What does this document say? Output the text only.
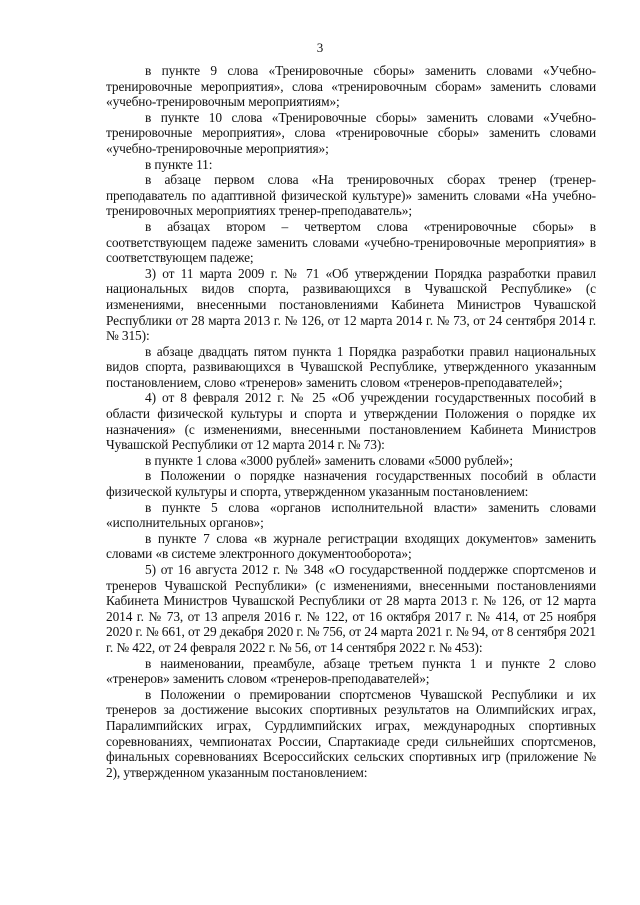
3

в пункте 9 слова «Тренировочные сборы» заменить словами «Учебно-тренировочные мероприятия», слова «тренировочным сборам» заменить словами «учебно-тренировочным мероприятиям»;

в пункте 10 слова «Тренировочные сборы» заменить словами «Учебно-тренировочные мероприятия», слова «тренировочные сборы» заменить словами «учебно-тренировочные мероприятия»;

в пункте 11:

в абзаце первом слова «На тренировочных сборах тренер (тренер-преподаватель по адаптивной физической культуре)» заменить словами «На учебно-тренировочных мероприятиях тренер-преподаватель»;

в абзацах втором – четвертом слова «тренировочные сборы» в соответствующем падеже заменить словами «учебно-тренировочные мероприятия» в соответствующем падеже;

3) от 11 марта 2009 г. № 71 «Об утверждении Порядка разработки правил национальных видов спорта, развивающихся в Чувашской Республике» (с изменениями, внесенными постановлениями Кабинета Министров Чувашской Республики от 28 марта 2013 г. № 126, от 12 марта 2014 г. № 73, от 24 сентября 2014 г. № 315):

в абзаце двадцать пятом пункта 1 Порядка разработки правил национальных видов спорта, развивающихся в Чувашской Республике, утвержденного указанным постановлением, слово «тренеров» заменить словом «тренеров-преподавателей»;

4) от 8 февраля 2012 г. № 25 «Об учреждении государственных пособий в области физической культуры и спорта и утверждении Положения о порядке их назначения» (с изменениями, внесенными постановлением Кабинета Министров Чувашской Республики от 12 марта 2014 г. № 73):

в пункте 1 слова «3000 рублей» заменить словами «5000 рублей»;

в Положении о порядке назначения государственных пособий в области физической культуры и спорта, утвержденном указанным постановлением:

в пункте 5 слова «органов исполнительной власти» заменить словами «исполнительных органов»;

в пункте 7 слова «в журнале регистрации входящих документов» заменить словами «в системе электронного документооборота»;

5) от 16 августа 2012 г. № 348 «О государственной поддержке спортсменов и тренеров Чувашской Республики» (с изменениями, внесенными постановлениями Кабинета Министров Чувашской Республики от 28 марта 2013 г. № 126, от 12 марта 2014 г. № 73, от 13 апреля 2016 г. № 122, от 16 октября 2017 г. № 414, от 25 ноября 2020 г. № 661, от 29 декабря 2020 г. № 756, от 24 марта 2021 г. № 94, от 8 сентября 2021 г. № 422, от 24 февраля 2022 г. № 56, от 14 сентября 2022 г. № 453):

в наименовании, преамбуле, абзаце третьем пункта 1 и пункте 2 слово «тренеров» заменить словом «тренеров-преподавателей»;

в Положении о премировании спортсменов Чувашской Республики и их тренеров за достижение высоких спортивных результатов на Олимпийских играх, Паралимпийских играх, Сурдлимпийских играх, международных спортивных соревнованиях, чемпионатах России, Спартакиаде среди сильнейших спортсменов, финальных соревнованиях Всероссийских сельских спортивных игр (приложение № 2), утвержденном указанным постановлением:
